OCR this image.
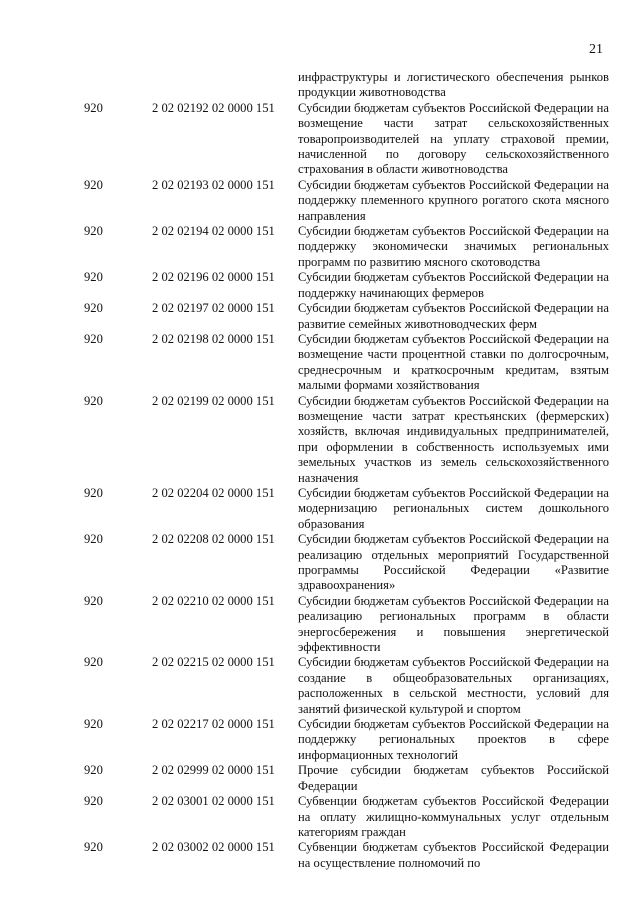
21
инфраструктуры и логистического обеспечения рынков продукции животноводства
920	2 02 02192 02 0000 151	Субсидии бюджетам субъектов Российской Федерации на возмещение части затрат сельскохозяйственных товаропроизводителей на уплату страховой премии, начисленной по договору сельскохозяйственного страхования в области животноводства
920	2 02 02193 02 0000 151	Субсидии бюджетам субъектов Российской Федерации на поддержку племенного крупного рогатого скота мясного направления
920	2 02 02194 02 0000 151	Субсидии бюджетам субъектов Российской Федерации на поддержку экономически значимых региональных программ по развитию мясного скотоводства
920	2 02 02196 02 0000 151	Субсидии бюджетам субъектов Российской Федерации на поддержку начинающих фермеров
920	2 02 02197 02 0000 151	Субсидии бюджетам субъектов Российской Федерации на развитие семейных животноводческих ферм
920	2 02 02198 02 0000 151	Субсидии бюджетам субъектов Российской Федерации на возмещение части процентной ставки по долгосрочным, среднесрочным и краткосрочным кредитам, взятым малыми формами хозяйствования
920	2 02 02199 02 0000 151	Субсидии бюджетам субъектов Российской Федерации на возмещение части затрат крестьянских (фермерских) хозяйств, включая индивидуальных предпринимателей, при оформлении в собственность используемых ими земельных участков из земель сельскохозяйственного назначения
920	2 02 02204 02 0000 151	Субсидии бюджетам субъектов Российской Федерации на модернизацию региональных систем дошкольного образования
920	2 02 02208 02 0000 151	Субсидии бюджетам субъектов Российской Федерации на реализацию отдельных мероприятий Государственной программы Российской Федерации «Развитие здравоохранения»
920	2 02 02210 02 0000 151	Субсидии бюджетам субъектов Российской Федерации на реализацию региональных программ в области энергосбережения и повышения энергетической эффективности
920	2 02 02215 02 0000 151	Субсидии бюджетам субъектов Российской Федерации на создание в общеобразовательных организациях, расположенных в сельской местности, условий для занятий физической культурой и спортом
920	2 02 02217 02 0000 151	Субсидии бюджетам субъектов Российской Федерации на поддержку региональных проектов в сфере информационных технологий
920	2 02 02999 02 0000 151	Прочие субсидии бюджетам субъектов Российской Федерации
920	2 02 03001 02 0000 151	Субвенции бюджетам субъектов Российской Федерации на оплату жилищно-коммунальных услуг отдельным категориям граждан
920	2 02 03002 02 0000 151	Субвенции бюджетам субъектов Российской Федерации на осуществление полномочий по
